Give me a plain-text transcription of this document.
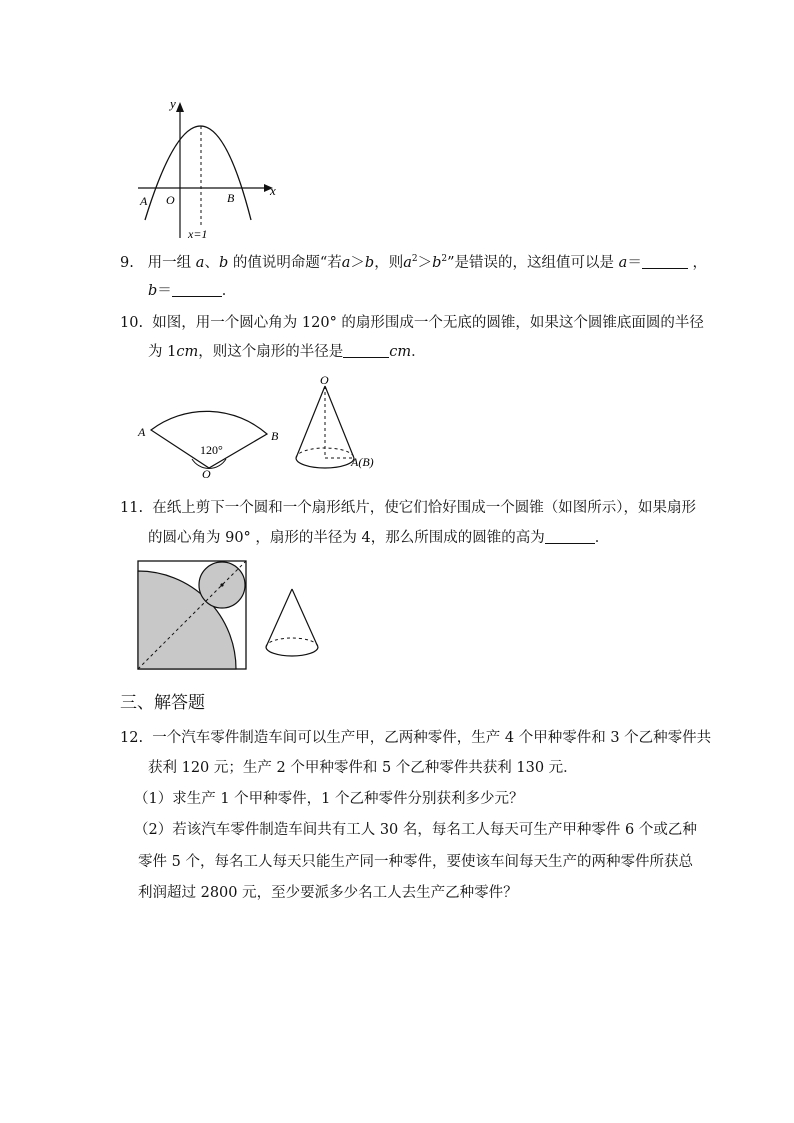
y
x
O
A	B
x=1
9. 用一组 a、b 的值说明命题“若a＞b，则$a^2>b^2$”是错误的，这组值可以是 a＝	，
b＝	．
10. 如图，用一个圆心角为 120° 的扇形围成一个无底的圆锥，如果这个圆锥底面圆的半径
为 1cm，则这个扇形的半径是	cm．
A	B
O
120°
O
A(B)
11. 在纸上剪下一个圆和一个扇形纸片，使它们恰好围成一个圆锥（如图所示），如果扇形
的圆心角为 90° ，扇形的半径为 4，那么所围成的圆锥的高为	．
三、解答题
12. 一个汽车零件制造车间可以生产甲，乙两种零件，生产 4 个甲种零件和 3 个乙种零件共
获利 120 元；生产 2 个甲种零件和 5 个乙种零件共获利 130 元．
（1）求生产 1 个甲种零件，1 个乙种零件分别获利多少元？
（2）若该汽车零件制造车间共有工人 30 名，每名工人每天可生产甲种零件 6 个或乙种
零件 5 个，每名工人每天只能生产同一种零件，要使该车间每天生产的两种零件所获总
利润超过 2800 元，至少要派多少名工人去生产乙种零件？
